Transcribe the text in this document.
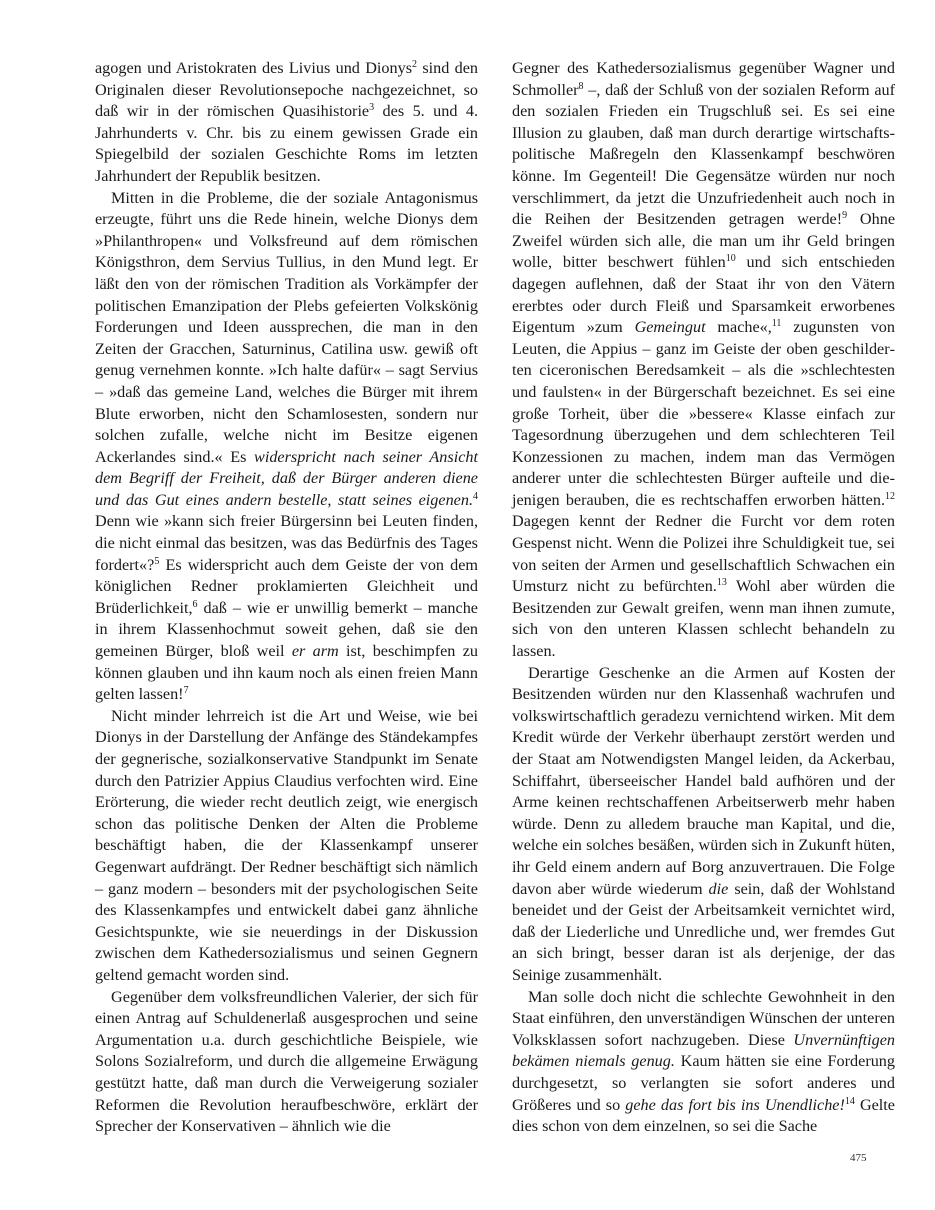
agogen und Aristokraten des Livius und Dionys$^2$ sind den Originalen dieser Revolutionsepoche nachgezeichnet, so daß wir in der römischen Quasihistorie$^3$ des 5. und 4. Jahrhunderts v. Chr. bis zu einem gewissen Grade ein Spiegelbild der sozialen Geschichte Roms im letzten Jahrhundert der Republik besitzen.

Mitten in die Probleme, die der soziale Antagonismus erzeugte, führt uns die Rede hinein, welche Dionys dem »Philanthropen« und Volksfreund auf dem römischen Königsthron, dem Servius Tullius, in den Mund legt. Er läßt den von der römischen Tradition als Vorkämpfer der politischen Emanzipation der Plebs gefeierten Volkskönig Forderungen und Ideen aussprechen, die man in den Zeiten der Gracchen, Saturninus, Catilina usw. gewiß oft genug vernehmen konnte. »Ich halte dafür« – sagt Servius – »daß das gemeine Land, welches die Bürger mit ihrem Blute erworben, nicht den Schamlosesten, sondern nur solchen zufalle, welche nicht im Besitze eigenen Ackerlandes sind.« Es widerspricht nach seiner Ansicht dem Begriff der Freiheit, daß der Bürger anderen diene und das Gut eines andern bestelle, statt seines eigenen.$^4$ Denn wie »kann sich freier Bürgersinn bei Leuten finden, die nicht einmal das besitzen, was das Bedürfnis des Tages fordert«?$^5$ Es widerspricht auch dem Geiste der von dem königlichen Redner proklamierten Gleichheit und Brüderlichkeit,$^6$ daß – wie er unwillig bemerkt – manche in ihrem Klassenhochmut soweit gehen, daß sie den gemeinen Bürger, bloß weil er arm ist, beschimpfen zu können glauben und ihn kaum noch als einen freien Mann gelten lassen!$^7$

Nicht minder lehrreich ist die Art und Weise, wie bei Dionys in der Darstellung der Anfänge des Ständekampfes der gegnerische, sozialkonservative Standpunkt im Senate durch den Patrizier Appius Claudius verfochten wird. Eine Erörterung, die wieder recht deutlich zeigt, wie energisch schon das politische Denken der Alten die Probleme beschäftigt haben, die der Klassenkampf unserer Gegenwart aufdrängt. Der Redner beschäftigt sich nämlich – ganz modern – besonders mit der psychologischen Seite des Klassenkampfes und entwickelt dabei ganz ähnliche Gesichtspunkte, wie sie neuerdings in der Diskussion zwischen dem Kathedersozialismus und seinen Gegnern geltend gemacht worden sind.

Gegenüber dem volksfreundlichen Valerier, der sich für einen Antrag auf Schuldenerlaß ausgesprochen und seine Argumentation u.a. durch geschichtliche Beispiele, wie Solons Sozialreform, und durch die allgemeine Erwägung gestützt hatte, daß man durch die Verweigerung sozialer Reformen die Revolution heraufbeschwöre, erklärt der Sprecher der Konservativen – ähnlich wie die

Gegner des Kathedersozialismus gegenüber Wagner und Schmoller$^8$ –, daß der Schluß von der sozialen Reform auf den sozialen Frieden ein Trugschluß sei. Es sei eine Illusion zu glauben, daß man durch derartige wirtschaftspolitische Maßregeln den Klassenkampf beschwören könne. Im Gegenteil! Die Gegensätze würden nur noch verschlimmert, da jetzt die Unzufriedenheit auch noch in die Reihen der Besitzenden getragen werde!$^9$ Ohne Zweifel würden sich alle, die man um ihr Geld bringen wolle, bitter beschwert fühlen$^{10}$ und sich entschieden dagegen auflehnen, daß der Staat ihr von den Vätern ererbtes oder durch Fleiß und Sparsamkeit erworbenes Eigentum »zum Gemeingut mache«,$^{11}$ zugunsten von Leuten, die Appius – ganz im Geiste der oben geschilderten ciceronischen Beredsamkeit – als die »schlechtesten und faulsten« in der Bürgerschaft bezeichnet. Es sei eine große Torheit, über die »bessere« Klasse einfach zur Tagesordnung überzugehen und dem schlechteren Teil Konzessionen zu machen, indem man das Vermögen anderer unter die schlechtesten Bürger aufteile und diejenigen berauben, die es rechtschaffen erworben hätten.$^{12}$ Dagegen kennt der Redner die Furcht vor dem roten Gespenst nicht. Wenn die Polizei ihre Schuldigkeit tue, sei von seiten der Armen und gesellschaftlich Schwachen ein Umsturz nicht zu befürchten.$^{13}$ Wohl aber würden die Besitzenden zur Gewalt greifen, wenn man ihnen zumute, sich von den unteren Klassen schlecht behandeln zu lassen.

Derartige Geschenke an die Armen auf Kosten der Besitzenden würden nur den Klassenhaß wachrufen und volkswirtschaftlich geradezu vernichtend wirken. Mit dem Kredit würde der Verkehr überhaupt zerstört werden und der Staat am Notwendigsten Mangel leiden, da Ackerbau, Schiffahrt, überseeischer Handel bald aufhören und der Arme keinen rechtschaffenen Arbeitserwerb mehr haben würde. Denn zu alledem brauche man Kapital, und die, welche ein solches besäßen, würden sich in Zukunft hüten, ihr Geld einem andern auf Borg anzuvertrauen. Die Folge davon aber würde wiederum die sein, daß der Wohlstand beneidet und der Geist der Arbeitsamkeit vernichtet wird, daß der Liederliche und Unredliche und, wer fremdes Gut an sich bringt, besser daran ist als derjenige, der das Seinige zusammenhält.

Man solle doch nicht die schlechte Gewohnheit in den Staat einführen, den unverständigen Wünschen der unteren Volksklassen sofort nachzugeben. Diese Unvernünftigen bekämen niemals genug. Kaum hätten sie eine Forderung durchgesetzt, so verlangten sie sofort anderes und Größeres und so gehe das fort bis ins Unendliche!$^{14}$ Gelte dies schon von dem einzelnen, so sei die Sache

475
